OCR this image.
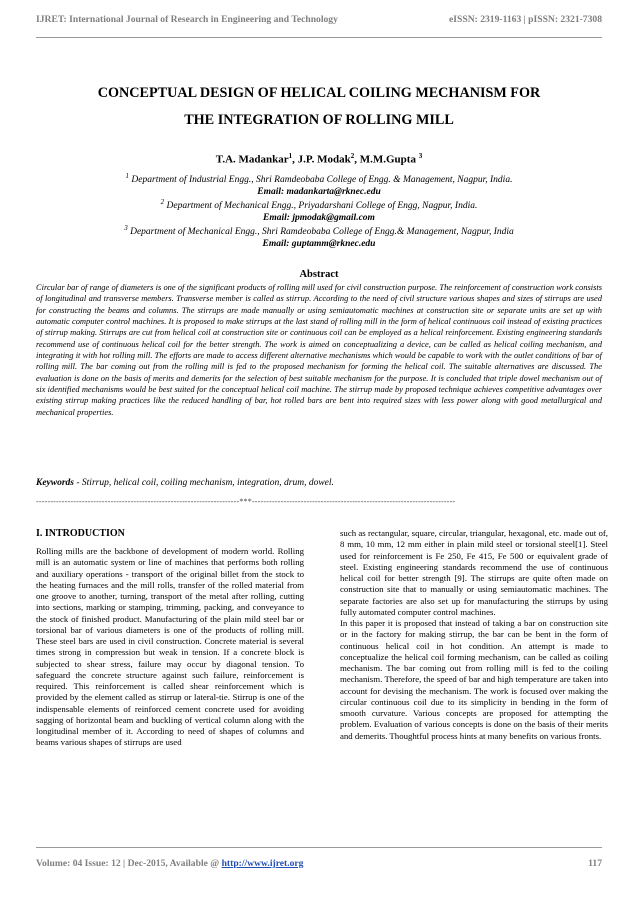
IJRET: International Journal of Research in Engineering and Technology	eISSN: 2319-1163 | pISSN: 2321-7308
CONCEPTUAL DESIGN OF HELICAL COILING MECHANISM FOR
THE INTEGRATION OF ROLLING MILL
T.A. Madankar$^1$, J.P. Modak$^2$, M.M.Gupta $^3$
$^1$ Department of Industrial Engg., Shri Ramdeobaba College of Engg. & Management, Nagpur, India.
Email: madankarta@rknec.edu
$^2$ Department of Mechanical Engg., Priyadarshani College of Engg, Nagpur, India.
Email: jpmodak@gmail.com
$^3$ Department of Mechanical Engg., Shri Ramdeobaba College of Engg.& Management, Nagpur, India
Email: guptamm@rknec.edu
Abstract

Circular bar of range of diameters is one of the significant products of rolling mill used for civil construction purpose. The reinforcement of construction work consists of longitudinal and transverse members. Transverse member is called as stirrup. According to the need of civil structure various shapes and sizes of stirrups are used for constructing the beams and columns. The stirrups are made manually or using semiautomatic machines at construction site or separate units are set up with automatic computer control machines. It is proposed to make stirrups at the last stand of rolling mill in the form of helical continuous coil instead of existing practices of stirrup making. Stirrups are cut from helical coil at construction site or continuous coil can be employed as a helical reinforcement. Existing engineering standards recommend use of continuous helical coil for the better strength. The work is aimed on conceptualizing a device, can be called as helical coiling mechanism, and integrating it with hot rolling mill. The efforts are made to access different alternative mechanisms which would be capable to work with the outlet conditions of bar of rolling mill. The bar coming out from the rolling mill is fed to the proposed mechanism for forming the helical coil. The suitable alternatives are discussed. The evaluation is done on the basis of merits and demerits for the selection of best suitable mechanism for the purpose. It is concluded that triple dowel mechanism out of six identified mechanisms would be best suited for the conceptual helical coil machine. The stirrup made by proposed technique achieves competitive advantages over existing stirrup making practices like the reduced handling of bar, hot rolled bars are bent into required sizes with less power along with good metallurgical and mechanical properties.

Keywords - Stirrup, helical coil, coiling mechanism, integration, drum, dowel.
-----------------------------------------------------------------------***-----------------------------------------------------------------------
I. INTRODUCTION

Rolling mills are the backbone of development of modern world. Rolling mill is an automatic system or line of machines that performs both rolling and auxiliary operations - transport of the original billet from the stock to the heating furnaces and the mill rolls, transfer of the rolled material from one groove to another, turning, transport of the metal after rolling, cutting into sections, marking or stamping, trimming, packing, and conveyance to the stock of finished product. Manufacturing of the plain mild steel bar or torsional bar of various diameters is one of the products of rolling mill. These steel bars are used in civil construction. Concrete material is several times strong in compression but weak in tension. If a concrete block is subjected to shear stress, failure may occur by diagonal tension. To safeguard the concrete structure against such failure, reinforcement is required. This reinforcement is called shear reinforcement which is provided by the element called as stirrup or lateral-tie. Stirrup is one of the indispensable elements of reinforced cement concrete used for avoiding sagging of horizontal beam and buckling of vertical column along with the longitudinal member of it. According to need of shapes of columns and beams various shapes of stirrups are used

such as rectangular, square, circular, triangular, hexagonal, etc. made out of, 8 mm, 10 mm, 12 mm either in plain mild steel or torsional steel[1]. Steel used for reinforcement is Fe 250, Fe 415, Fe 500 or equivalent grade of steel. Existing engineering standards recommend the use of continuous helical coil for better strength [9]. The stirrups are quite often made on construction site that to manually or using semiautomatic machines. The separate factories are also set up for manufacturing the stirrups by using fully automated computer control machines.

In this paper it is proposed that instead of taking a bar on construction site or in the factory for making stirrup, the bar can be bent in the form of continuous helical coil in hot condition. An attempt is made to conceptualize the helical coil forming mechanism, can be called as coiling mechanism. The bar coming out from rolling mill is fed to the coiling mechanism. Therefore, the speed of bar and high temperature are taken into account for devising the mechanism. The work is focused over making the circular continuous coil due to its simplicity in bending in the form of smooth curvature. Various concepts are proposed for attempting the problem. Evaluation of various concepts is done on the basis of their merits and demerits. Thoughtful process hints at many benefits on various fronts.

Volume: 04 Issue: 12 | Dec-2015, Available @ http://www.ijret.org	117
